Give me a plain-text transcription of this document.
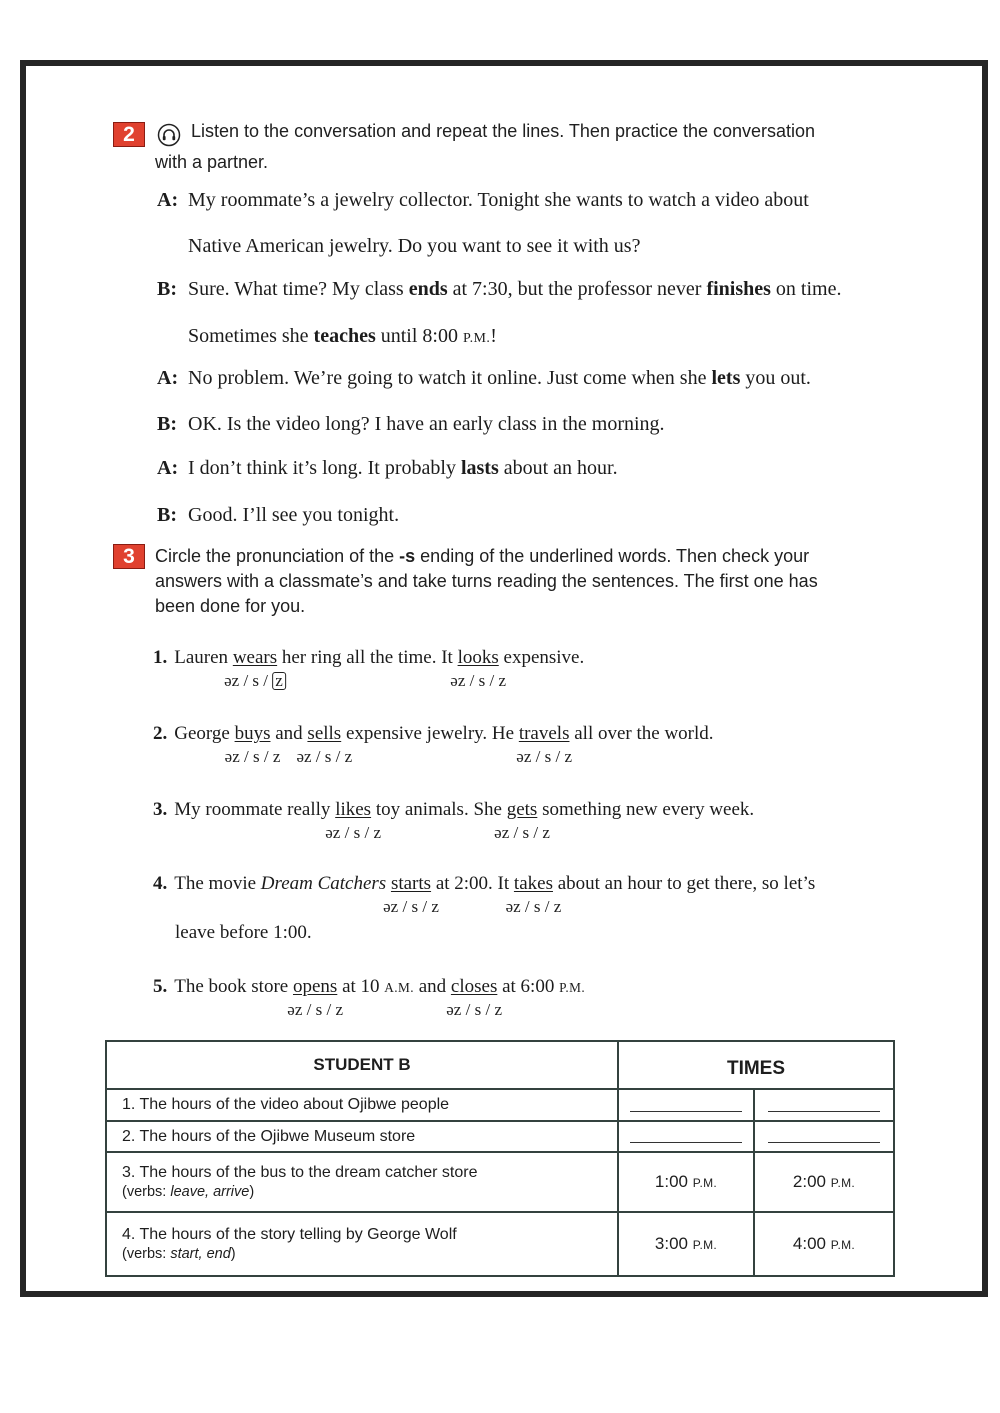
2	Listen to the conversation and repeat the lines. Then practice the conversation
with a partner.
A: My roommate’s a jewelry collector. Tonight she wants to watch a video about
Native American jewelry. Do you want to see it with us?
B: Sure. What time? My class ends at 7:30, but the professor never finishes on time.
Sometimes she teaches until 8:00 P.M.!
A: No problem. We’re going to watch it online. Just come when she lets you out.
B: OK. Is the video long? I have an early class in the morning.
A: I don’t think it’s long. It probably lasts about an hour.
B: Good. I’ll see you tonight.
3	Circle the pronunciation of the -s ending of the underlined words. Then check your
answers with a classmate’s and take turns reading the sentences. The first one has
been done for you.
1. Lauren wears
əz / s / z
her ring all the time. It looks
əz / s / z
expensive.
2. George buys
əz / s / z
and sells
əz / s / z
expensive jewelry. He travels
əz / s / z
all over the world.
3. My roommate really likes
əz / s / z
toy animals. She gets
əz / s / z
something new every week.
4. The movie Dream Catchers starts
əz / s / z
at 2:00. It takes
əz / s / z
about an hour to get there, so let’s
leave before 1:00.
5. The book store opens
əz / s / z
at 10 A.M. and closes
əz / s / z
at 6:00 P.M.
STUDENT B	TIMES	
1. The hours of the video about Ojibwe people		
2. The hours of the Ojibwe Museum store		

3. The hours of the bus to the dream catcher store
(verbs: leave, arrive)	1:00 P.M.	2:00 P.M.

4. The hours of the story telling by George Wolf
(verbs: start, end)	3:00 P.M.	4:00 P.M.
